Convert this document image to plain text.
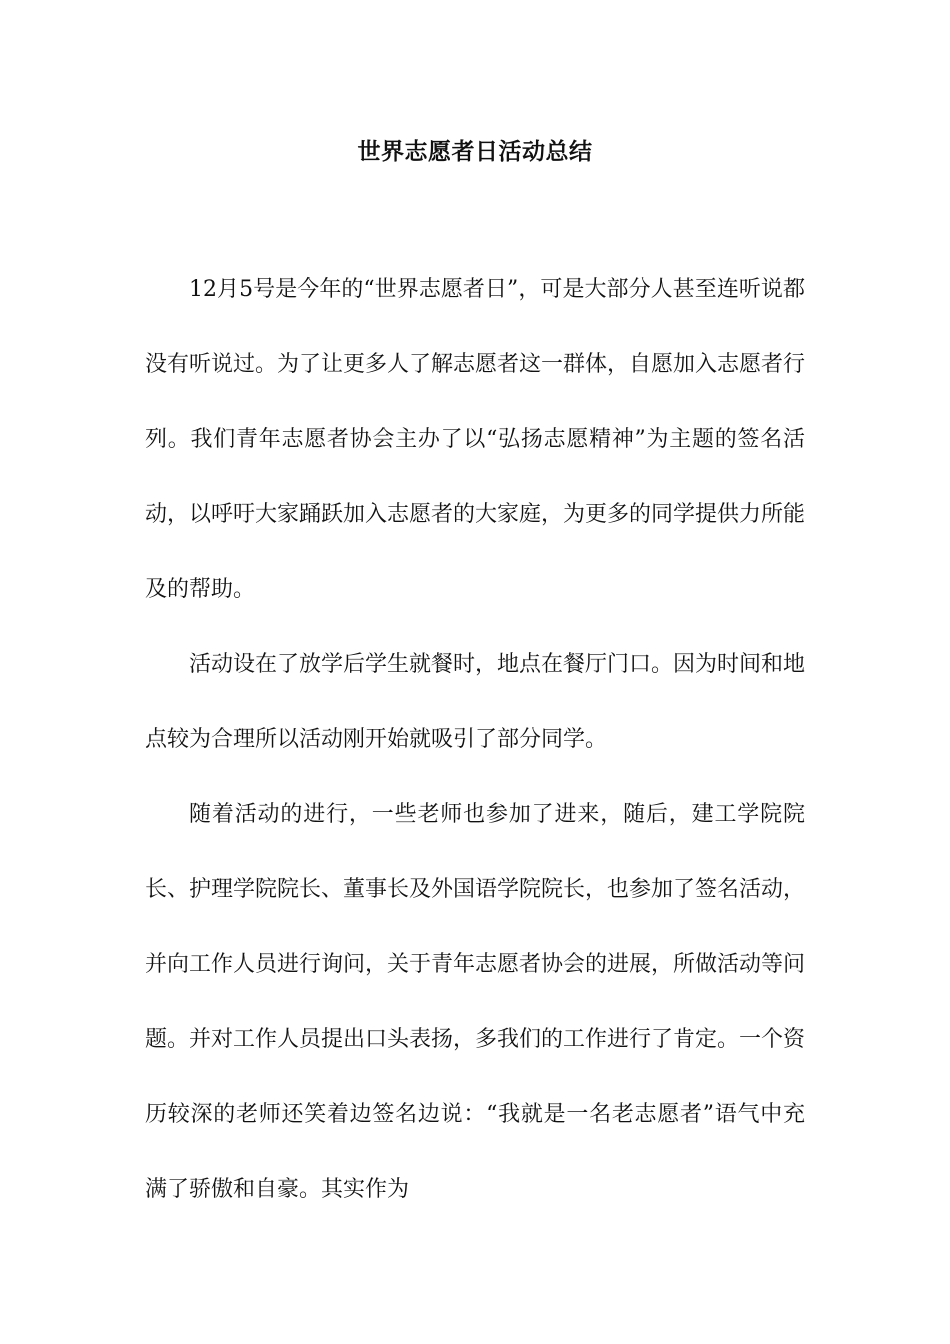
世界志愿者日活动总结

12月5号是今年的“世界志愿者日”，可是大部分人甚至连听说都没有听说过。为了让更多人了解志愿者这一群体，自愿加入志愿者行列。我们青年志愿者协会主办了以“弘扬志愿精神”为主题的签名活动，以呼吁大家踊跃加入志愿者的大家庭，为更多的同学提供力所能及的帮助。

活动设在了放学后学生就餐时，地点在餐厅门口。因为时间和地点较为合理所以活动刚开始就吸引了部分同学。

随着活动的进行，一些老师也参加了进来，随后，建工学院院长、护理学院院长、董事长及外国语学院院长，也参加了签名活动，并向工作人员进行询问，关于青年志愿者协会的进展，所做活动等问题。并对工作人员提出口头表扬，多我们的工作进行了肯定。一个资历较深的老师还笑着边签名边说：“我就是一名老志愿者”语气中充满了骄傲和自豪。其实作为
